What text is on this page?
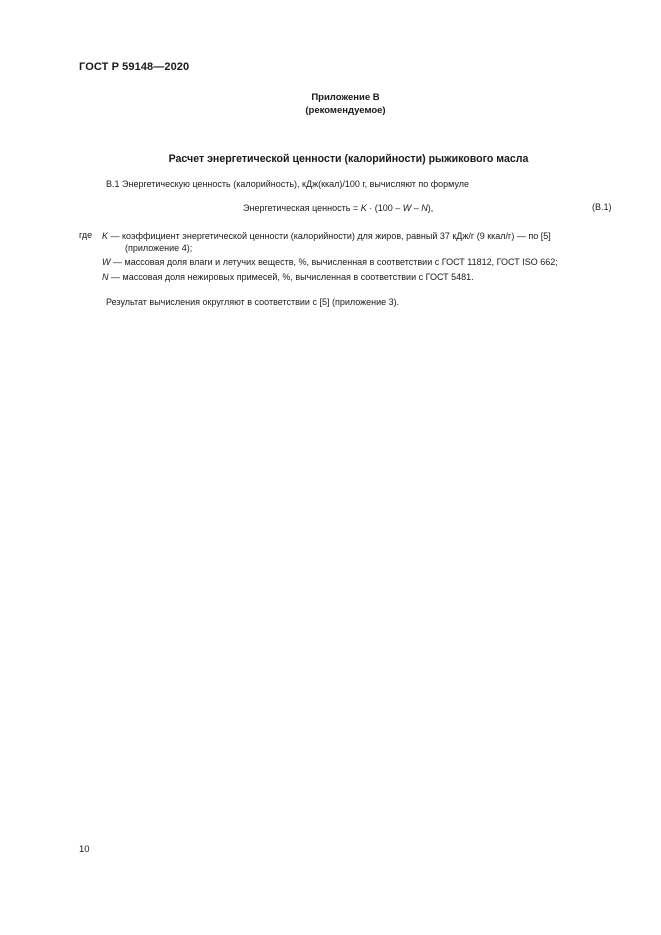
ГОСТ Р 59148—2020
Приложение В
(рекомендуемое)
Расчет энергетической ценности (калорийности) рыжикового масла
В.1 Энергетическую ценность (калорийность), кДж(ккал)/100 г, вычисляют по формуле
Энергетическая ценность = K · (100 – W – N),	(В.1)
где K — коэффициент энергетической ценности (калорийности) для жиров, равный 37 кДж/г (9 ккал/г) — по [5]
(приложение 4);
W — массовая доля влаги и летучих веществ, %, вычисленная в соответствии с ГОСТ 11812, ГОСТ ISO 662;
N — массовая доля нежировых примесей, %, вычисленная в соответствии с ГОСТ 5481.
Результат вычисления округляют в соответствии с [5] (приложение 3).
10
